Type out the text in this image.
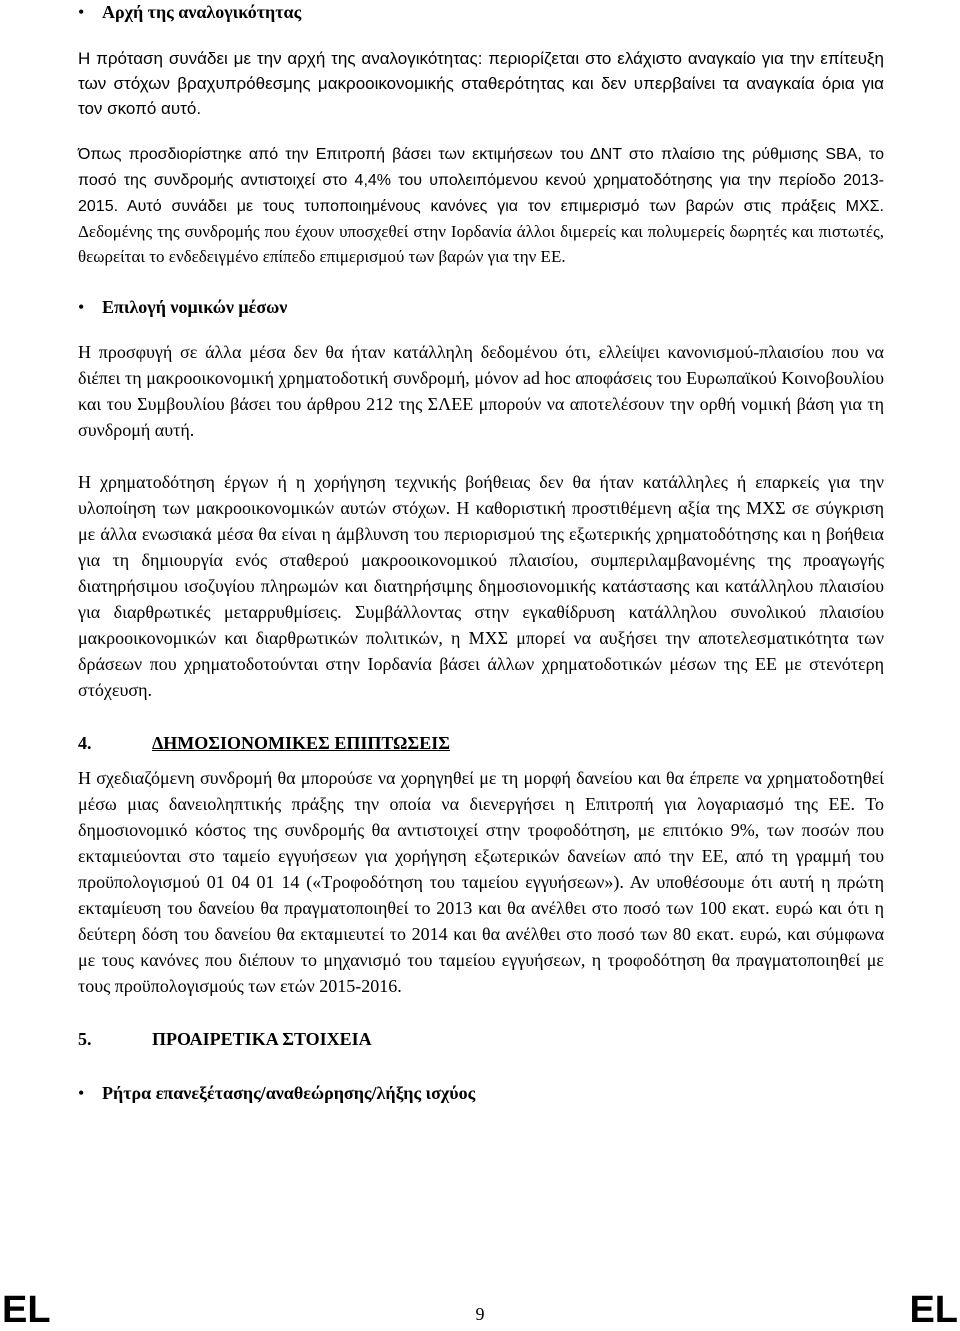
• Αρχή της αναλογικότητας

Η πρόταση συνάδει με την αρχή της αναλογικότητας: περιορίζεται στο ελάχιστο αναγκαίο για την επίτευξη των στόχων βραχυπρόθεσμης μακροοικονομικής σταθερότητας και δεν υπερβαίνει τα αναγκαία όρια για τον σκοπό αυτό.

Όπως προσδιορίστηκε από την Επιτροπή βάσει των εκτιμήσεων του ΔΝΤ στο πλαίσιο της ρύθμισης SBA, το ποσό της συνδρομής αντιστοιχεί στο 4,4% του υπολειπόμενου κενού χρηματοδότησης για την περίοδο 2013-2015. Αυτό συνάδει με τους τυποποιημένους κανόνες για τον επιμερισμό των βαρών στις πράξεις ΜΧΣ. Δεδομένης της συνδρομής που έχουν υποσχεθεί στην Ιορδανία άλλοι διμερείς και πολυμερείς δωρητές και πιστωτές, θεωρείται το ενδεδειγμένο επίπεδο επιμερισμού των βαρών για την ΕΕ.

• Επιλογή νομικών μέσων

Η προσφυγή σε άλλα μέσα δεν θα ήταν κατάλληλη δεδομένου ότι, ελλείψει κανονισμού-πλαισίου που να διέπει τη μακροοικονομική χρηματοδοτική συνδρομή, μόνον ad hoc αποφάσεις του Ευρωπαϊκού Κοινοβουλίου και του Συμβουλίου βάσει του άρθρου 212 της ΣΛΕΕ μπορούν να αποτελέσουν την ορθή νομική βάση για τη συνδρομή αυτή.

Η χρηματοδότηση έργων ή η χορήγηση τεχνικής βοήθειας δεν θα ήταν κατάλληλες ή επαρκείς για την υλοποίηση των μακροοικονομικών αυτών στόχων. Η καθοριστική προστιθέμενη αξία της ΜΧΣ σε σύγκριση με άλλα ενωσιακά μέσα θα είναι η άμβλυνση του περιορισμού της εξωτερικής χρηματοδότησης και η βοήθεια για τη δημιουργία ενός σταθερού μακροοικονομικού πλαισίου, συμπεριλαμβανομένης της προαγωγής διατηρήσιμου ισοζυγίου πληρωμών και διατηρήσιμης δημοσιονομικής κατάστασης και κατάλληλου πλαισίου για διαρθρωτικές μεταρρυθμίσεις. Συμβάλλοντας στην εγκαθίδρυση κατάλληλου συνολικού πλαισίου μακροοικονομικών και διαρθρωτικών πολιτικών, η ΜΧΣ μπορεί να αυξήσει την αποτελεσματικότητα των δράσεων που χρηματοδοτούνται στην Ιορδανία βάσει άλλων χρηματοδοτικών μέσων της ΕΕ με στενότερη στόχευση.

4.	ΔΗΜΟΣΙΟΝΟΜΙΚΕΣ ΕΠΙΠΤΩΣΕΙΣ

Η σχεδιαζόμενη συνδρομή θα μπορούσε να χορηγηθεί με τη μορφή δανείου και θα έπρεπε να χρηματοδοτηθεί μέσω μιας δανειοληπτικής πράξης την οποία να διενεργήσει η Επιτροπή για λογαριασμό της ΕΕ. Το δημοσιονομικό κόστος της συνδρομής θα αντιστοιχεί στην τροφοδότηση, με επιτόκιο 9%, των ποσών που εκταμιεύονται στο ταμείο εγγυήσεων για χορήγηση εξωτερικών δανείων από την ΕΕ, από τη γραμμή του προϋπολογισμού 01 04 01 14 («Τροφοδότηση του ταμείου εγγυήσεων»). Αν υποθέσουμε ότι αυτή η πρώτη εκταμίευση του δανείου θα πραγματοποιηθεί το 2013 και θα ανέλθει στο ποσό των 100 εκατ. ευρώ και ότι η δεύτερη δόση του δανείου θα εκταμιευτεί το 2014 και θα ανέλθει στο ποσό των 80 εκατ. ευρώ, και σύμφωνα με τους κανόνες που διέπουν το μηχανισμό του ταμείου εγγυήσεων, η τροφοδότηση θα πραγματοποιηθεί με τους προϋπολογισμούς των ετών 2015-2016.

5.	ΠΡΟΑΙΡΕΤΙΚΑ ΣΤΟΙΧΕΙΑ
• Ρήτρα επανεξέτασης/αναθεώρησης/λήξης ισχύος
EL	9	EL
